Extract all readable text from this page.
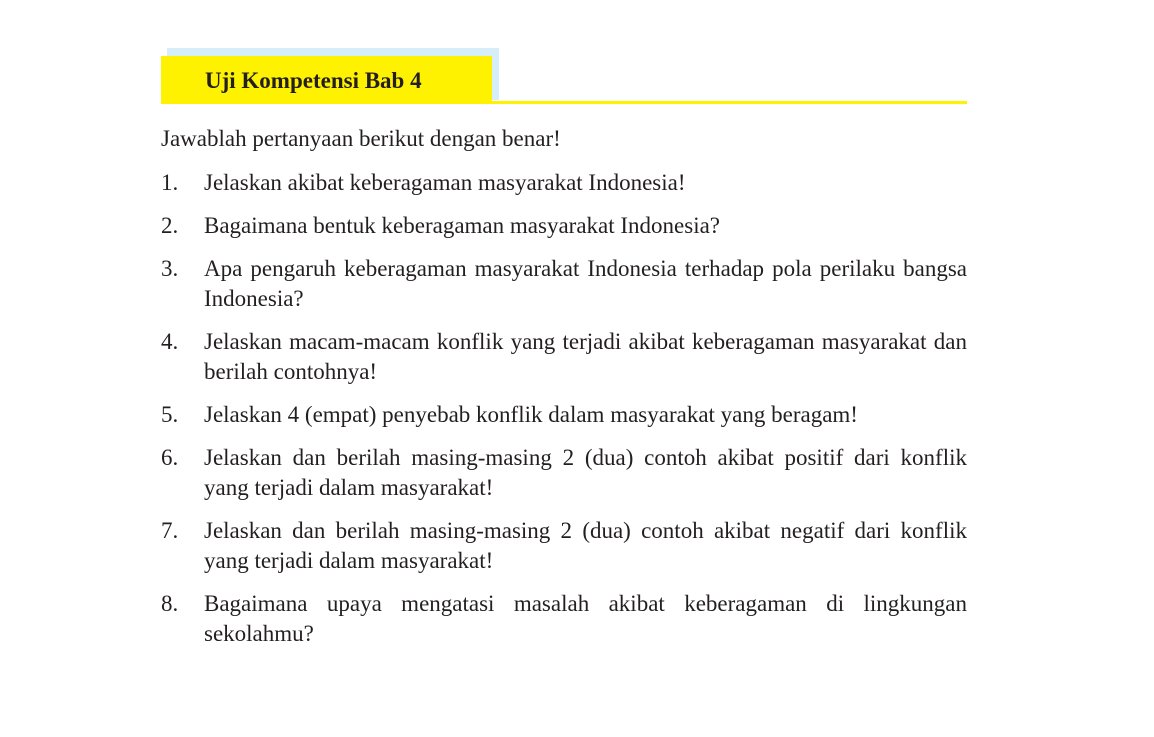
Uji Kompetensi Bab 4
Jawablah pertanyaan berikut dengan benar!
1.	Jelaskan akibat keberagaman masyarakat Indonesia!
2.	Bagaimana bentuk keberagaman masyarakat Indonesia?
3.	Apa pengaruh keberagaman masyarakat Indonesia terhadap pola perilaku bangsa Indonesia?
4.	Jelaskan macam-macam konflik yang terjadi akibat keberagaman masyarakat dan berilah contohnya!
5.	Jelaskan 4 (empat) penyebab konflik dalam masyarakat yang beragam!
6.	Jelaskan dan berilah masing-masing 2 (dua) contoh akibat positif dari konflik yang terjadi dalam masyarakat!
7.	Jelaskan dan berilah masing-masing 2 (dua) contoh akibat negatif dari konflik yang terjadi dalam masyarakat!
8.	Bagaimana upaya mengatasi masalah akibat keberagaman di lingkungan sekolahmu?
